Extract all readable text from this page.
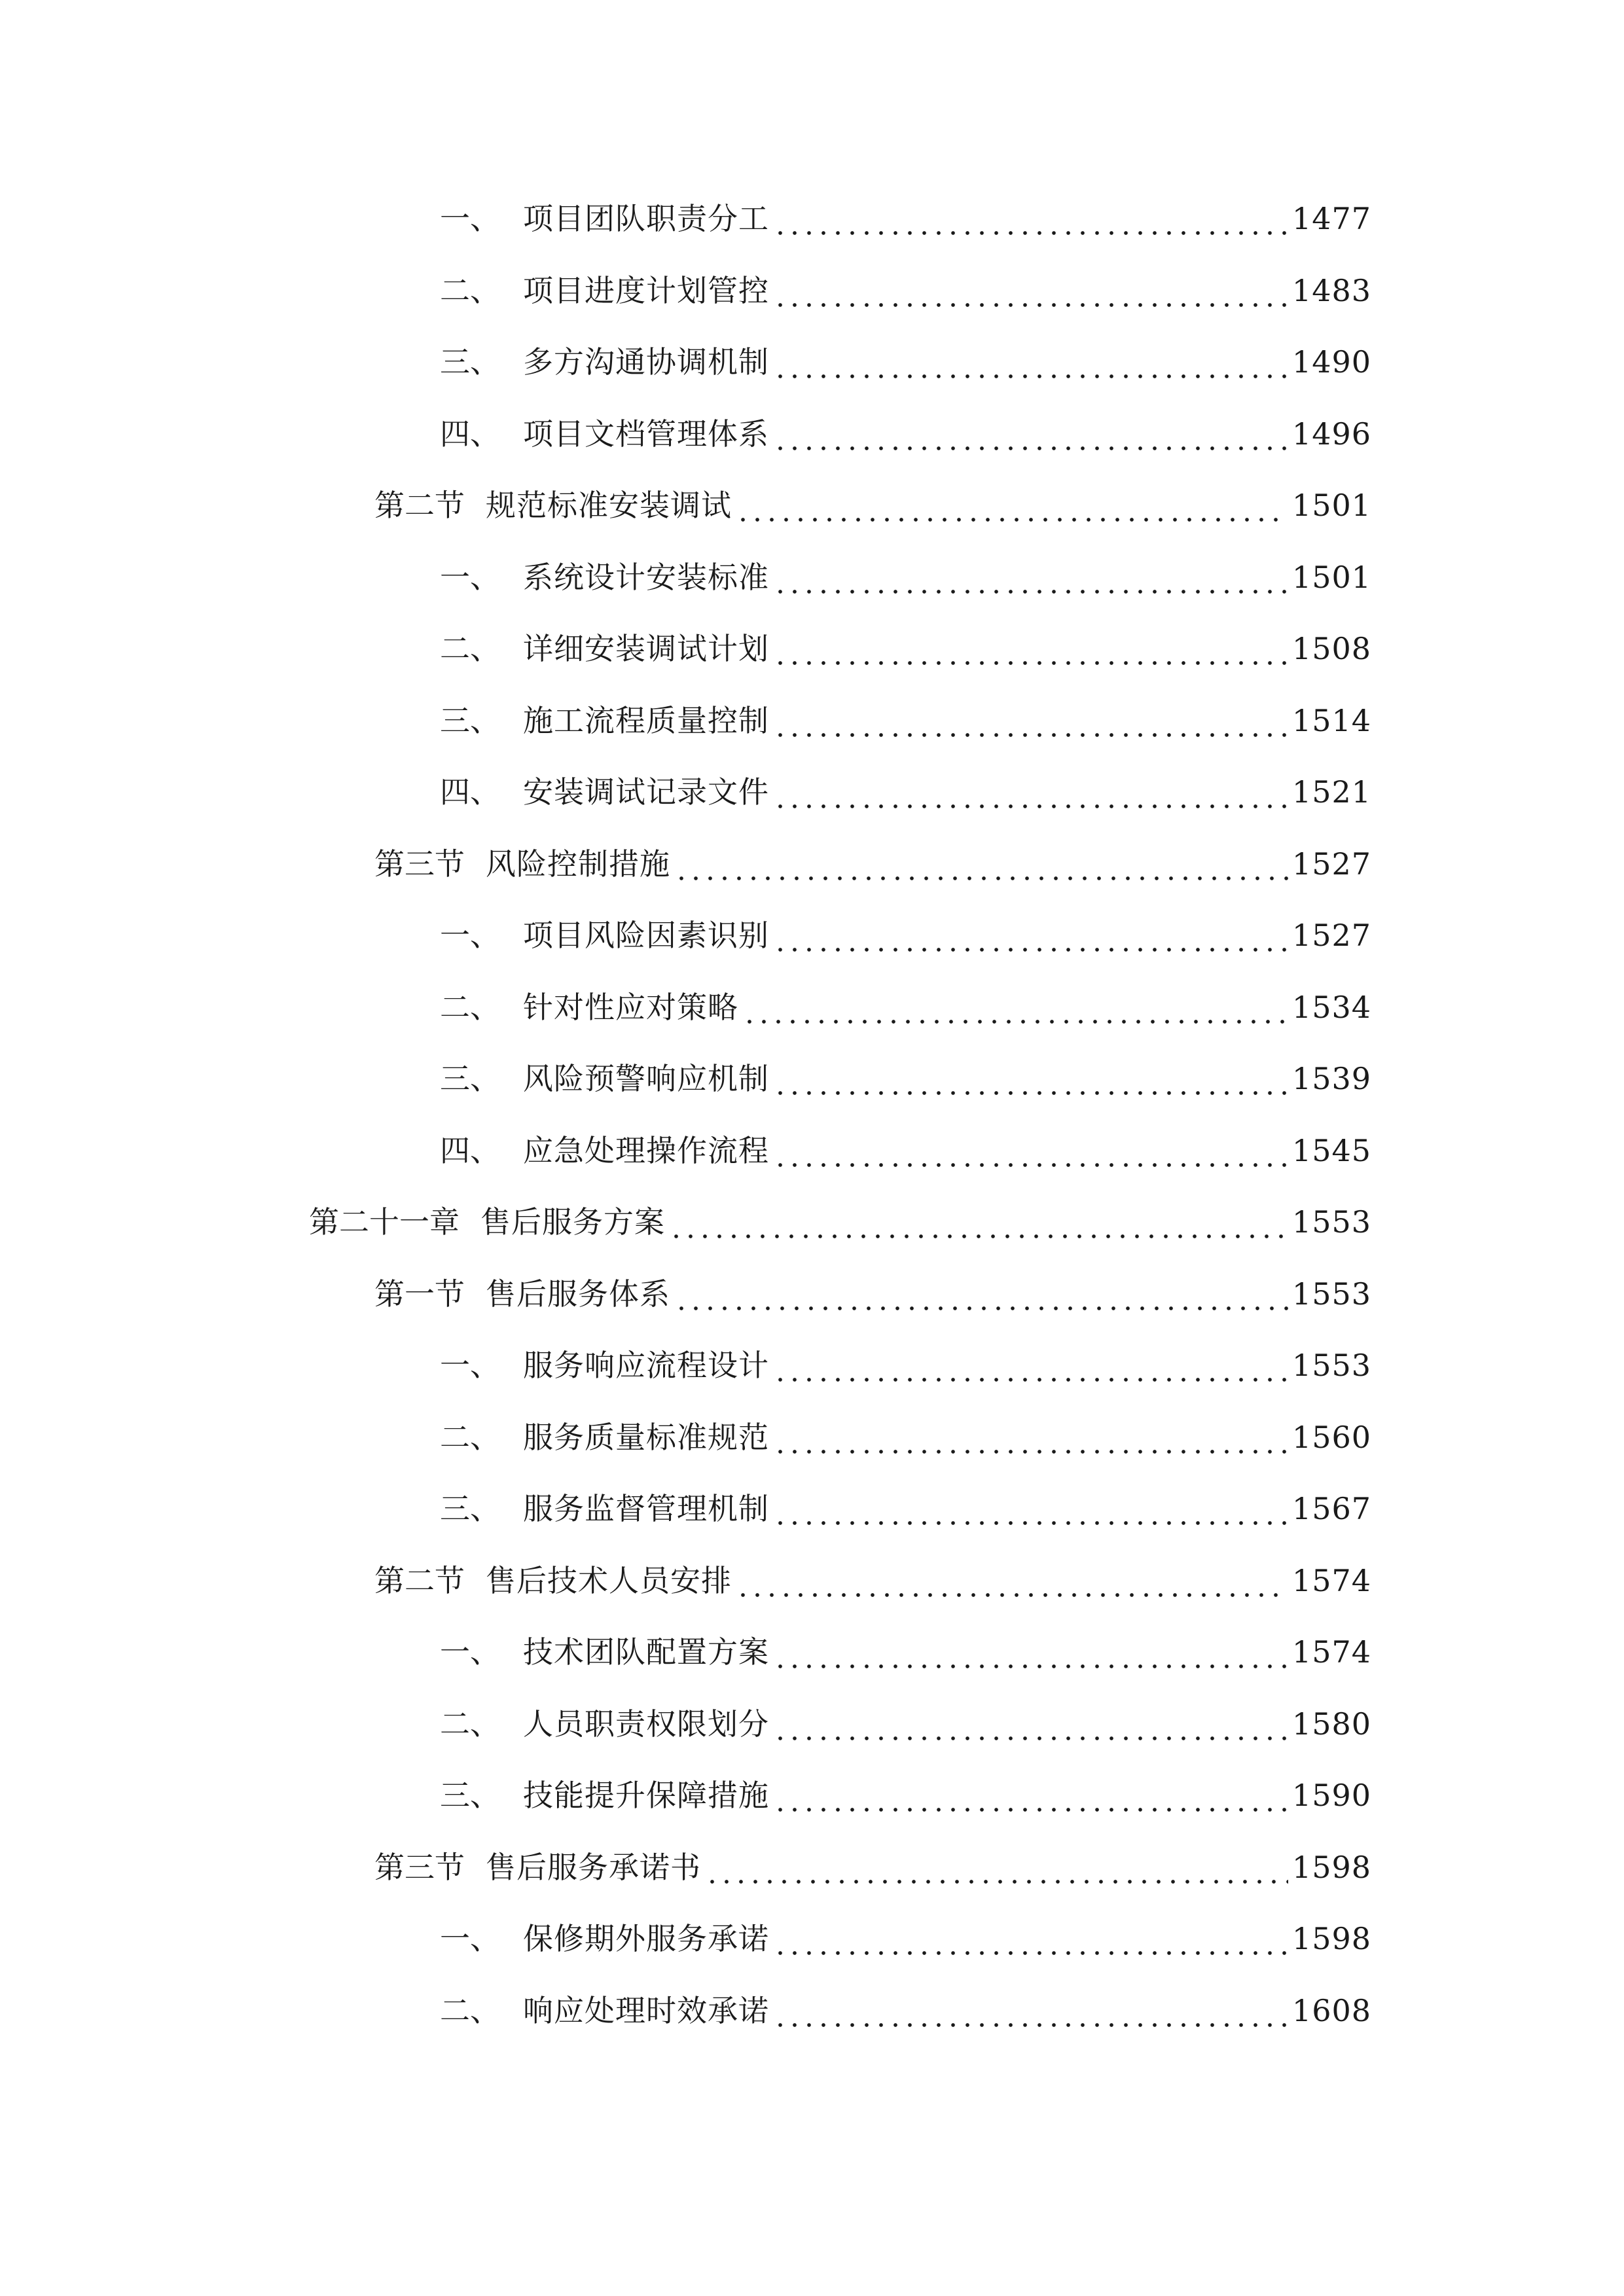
一、 项目团队职责分工	1477
二、 项目进度计划管控	1483
三、 多方沟通协调机制	1490
四、 项目文档管理体系	1496
第二节 规范标准安装调试	1501
一、 系统设计安装标准	1501
二、 详细安装调试计划	1508
三、 施工流程质量控制	1514
四、 安装调试记录文件	1521
第三节 风险控制措施	1527
一、 项目风险因素识别	1527
二、 针对性应对策略	1534
三、 风险预警响应机制	1539
四、 应急处理操作流程	1545
第二十一章 售后服务方案	1553
第一节 售后服务体系	1553
一、 服务响应流程设计	1553
二、 服务质量标准规范	1560
三、 服务监督管理机制	1567
第二节 售后技术人员安排	1574
一、 技术团队配置方案	1574
二、 人员职责权限划分	1580
三、 技能提升保障措施	1590
第三节 售后服务承诺书	1598
一、 保修期外服务承诺	1598
二、 响应处理时效承诺	1608
